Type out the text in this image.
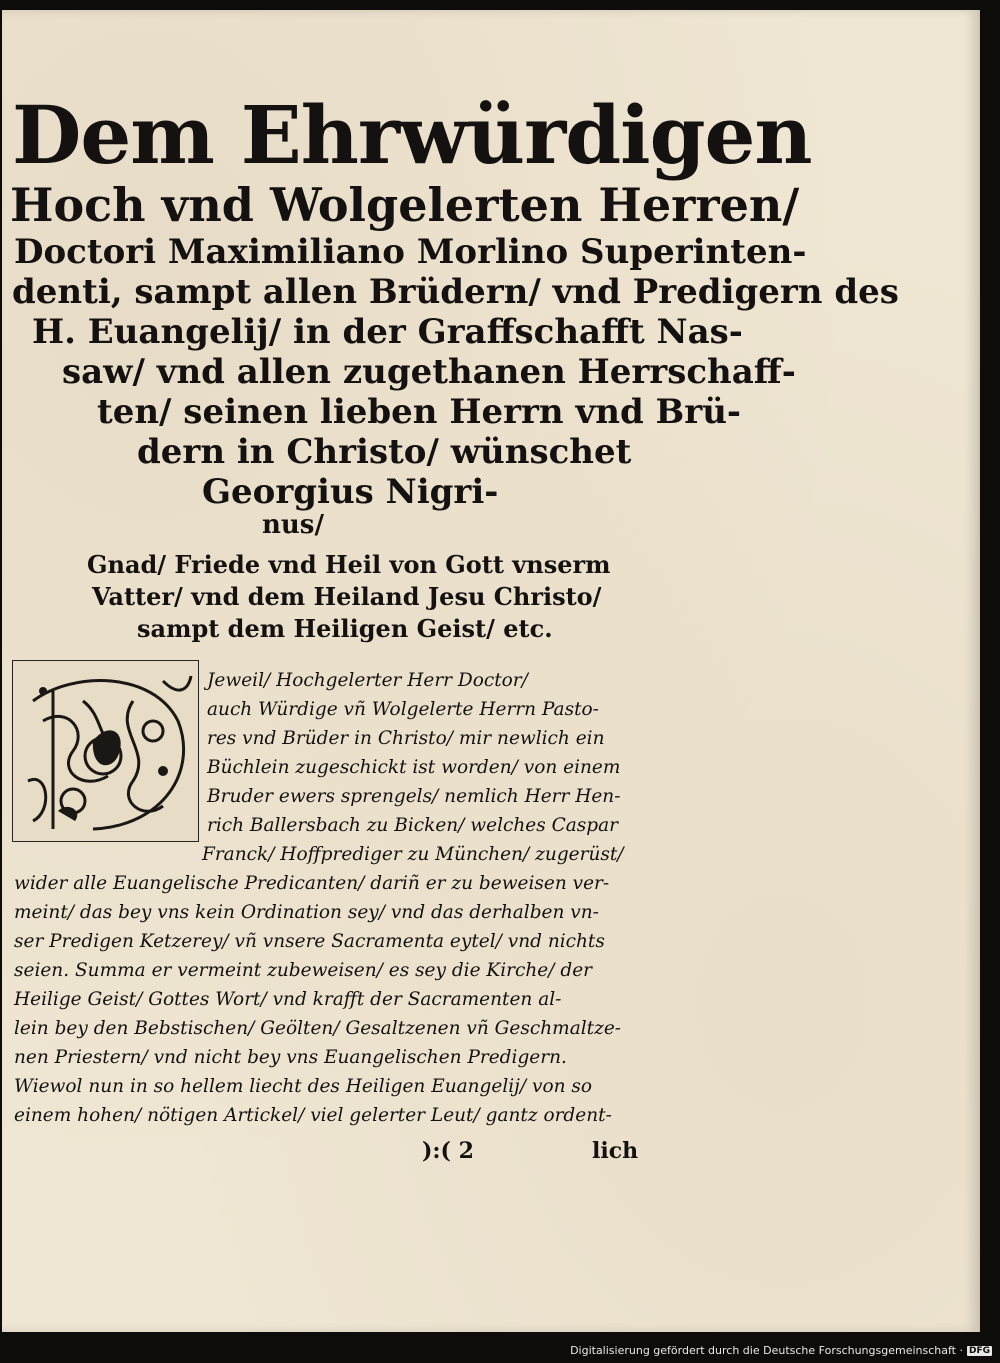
Dem Ehrwürdigen
Hoch vnd Wolgelerten Herren/
Doctori Maximiliano Morlino Superinten-
denti, sampt allen Brüdern/ vnd Predigern des
H. Euangelij/ in der Graffschafft Nas-
saw/ vnd allen zugethanen Herrschaff-
ten/ seinen lieben Herrn vnd Brü-
dern in Christo/ wünschet
Georgius Nigri-
nus/
Gnad/ Friede vnd Heil von Gott vnserm
Vatter/ vnd dem Heiland Jesu Christo/
sampt dem Heiligen Geist/ etc.
Jeweil/ Hochgelerter Herr Doctor/
auch Würdige vñ Wolgelerte Herrn Pasto-
res vnd Brüder in Christo/ mir newlich ein
Büchlein zugeschickt ist worden/ von einem
Bruder ewers sprengels/ nemlich Herr Hen-
rich Ballersbach zu Bicken/ welches Caspar
Franck/ Hoffprediger zu München/ zugerüst/
wider alle Euangelische Predicanten/ dariñ er zu beweisen ver-
meint/ das bey vns kein Ordination sey/ vnd das derhalben vn-
ser Predigen Ketzerey/ vñ vnsere Sacramenta eytel/ vnd nichts
seien. Summa er vermeint zubeweisen/ es sey die Kirche/ der
Heilige Geist/ Gottes Wort/ vnd krafft der Sacramenten al-
lein bey den Bebstischen/ Geölten/ Gesaltzenen vñ Geschmaltze-
nen Priestern/ vnd nicht bey vns Euangelischen Predigern.
Wiewol nun in so hellem liecht des Heiligen Euangelij/ von so
einem hohen/ nötigen Artickel/ viel gelerter Leut/ gantz ordent-
):( 2	lich
Digitalisierung gefördert durch die Deutsche Forschungsgemeinschaft · DFG
